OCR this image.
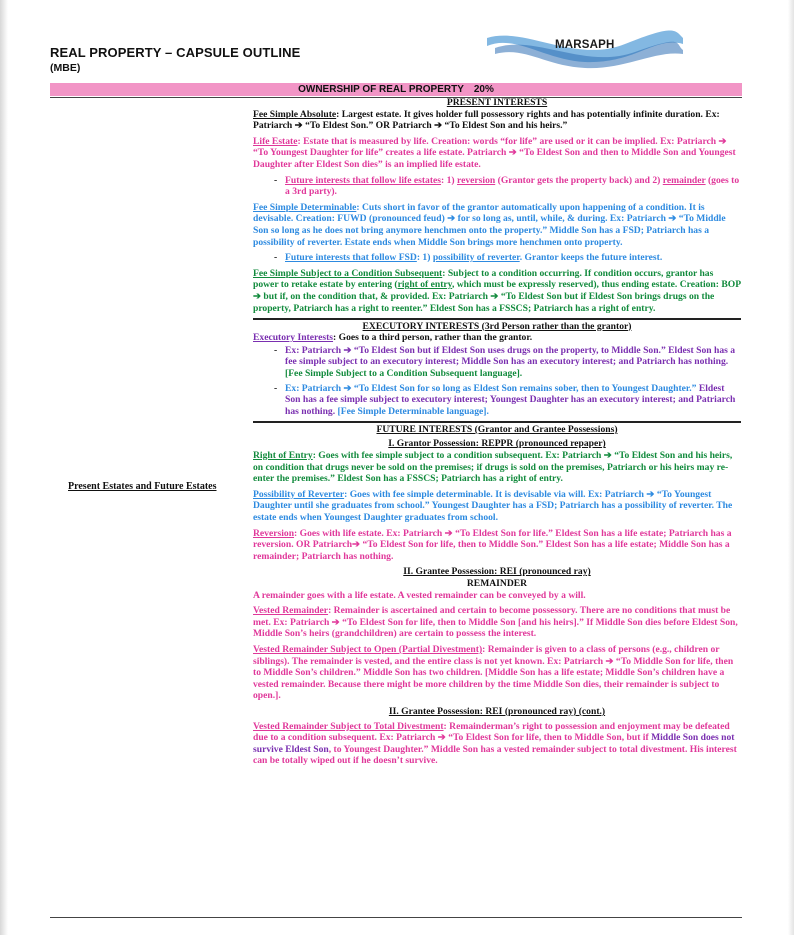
REAL PROPERTY – CAPSULE OUTLINE
(MBE)
MARSAPH
OWNERSHIP OF REAL PROPERTY 20%
Present Estates and Future Estates
PRESENT INTERESTS

Fee Simple Absolute: Largest estate. It gives holder full possessory rights and has potentially infinite duration. Ex: Patriarch ➔ “To Eldest Son.” OR Patriarch ➔ “To Eldest Son and his heirs.”

Life Estate: Estate that is measured by life. Creation: words “for life” are used or it can be implied. Ex: Patriarch ➔ “To Youngest Daughter for life” creates a life estate. Patriarch ➔ “To Eldest Son and then to Middle Son and Youngest Daughter after Eldest Son dies” is an implied life estate.

- Future interests that follow life estates: 1) reversion (Grantor gets the property back) and 2) remainder (goes to a 3rd party).

Fee Simple Determinable: Cuts short in favor of the grantor automatically upon happening of a condition. It is devisable. Creation: FUWD (pronounced feud) ➔ for so long as, until, while, & during. Ex: Patriarch ➔ “To Middle Son so long as he does not bring anymore henchmen onto the property.” Middle Son has a FSD; Patriarch has a possibility of reverter. Estate ends when Middle Son brings more henchmen onto property.

- Future interests that follow FSD: 1) possibility of reverter. Grantor keeps the future interest.

Fee Simple Subject to a Condition Subsequent: Subject to a condition occurring. If condition occurs, grantor has power to retake estate by entering (right of entry, which must be expressly reserved), thus ending estate. Creation: BOP ➔ but if, on the condition that, & provided. Ex: Patriarch ➔ “To Eldest Son but if Eldest Son brings drugs on the property, Patriarch has a right to reenter.” Eldest Son has a FSSCS; Patriarch has a right of entry.

EXECUTORY INTERESTS (3rd Person rather than the grantor)

Executory Interests: Goes to a third person, rather than the grantor.

- Ex: Patriarch ➔ “To Eldest Son but if Eldest Son uses drugs on the property, to Middle Son.” Eldest Son has a fee simple subject to an executory interest; Middle Son has an executory interest; and Patriarch has nothing. [Fee Simple Subject to a Condition Subsequent language].
- Ex: Patriarch ➔ “To Eldest Son for so long as Eldest Son remains sober, then to Youngest Daughter.” Eldest Son has a fee simple subject to executory interest; Youngest Daughter has an executory interest; and Patriarch has nothing. [Fee Simple Determinable language].
FUTURE INTERESTS (Grantor and Grantee Possessions)
I. Grantor Possession: REPPR (pronounced repaper)

Right of Entry: Goes with fee simple subject to a condition subsequent. Ex: Patriarch ➔ “To Eldest Son and his heirs, on condition that drugs never be sold on the premises; if drugs is sold on the premises, Patriarch or his heirs may re-enter the premises.” Eldest Son has a FSSCS; Patriarch has a right of entry.

Possibility of Reverter: Goes with fee simple determinable. It is devisable via will. Ex: Patriarch ➔ “To Youngest Daughter until she graduates from school.” Youngest Daughter has a FSD; Patriarch has a possibility of reverter. The estate ends when Youngest Daughter graduates from school.

Reversion: Goes with life estate. Ex: Patriarch ➔ “To Eldest Son for life.” Eldest Son has a life estate; Patriarch has a reversion. OR Patriarch➔ “To Eldest Son for life, then to Middle Son.” Eldest Son has a life estate; Middle Son has a remainder; Patriarch has nothing.

II. Grantee Possession: REI (pronounced ray)
REMAINDER

A remainder goes with a life estate. A vested remainder can be conveyed by a will.

Vested Remainder: Remainder is ascertained and certain to become possessory. There are no conditions that must be met. Ex: Patriarch ➔ “To Eldest Son for life, then to Middle Son [and his heirs].” If Middle Son dies before Eldest Son, Middle Son’s heirs (grandchildren) are certain to possess the interest.

Vested Remainder Subject to Open (Partial Divestment): Remainder is given to a class of persons (e.g., children or siblings). The remainder is vested, and the entire class is not yet known. Ex: Patriarch ➔ “To Middle Son for life, then to Middle Son’s children.” Middle Son has two children. [Middle Son has a life estate; Middle Son’s children have a vested remainder. Because there might be more children by the time Middle Son dies, their remainder is subject to open.].

II. Grantee Possession: REI (pronounced ray) (cont.)

Vested Remainder Subject to Total Divestment: Remainderman’s right to possession and enjoyment may be defeated due to a condition subsequent. Ex: Patriarch ➔ “To Eldest Son for life, then to Middle Son, but if Middle Son does not survive Eldest Son, to Youngest Daughter.” Middle Son has a vested remainder subject to total divestment. His interest can be totally wiped out if he doesn’t survive.
